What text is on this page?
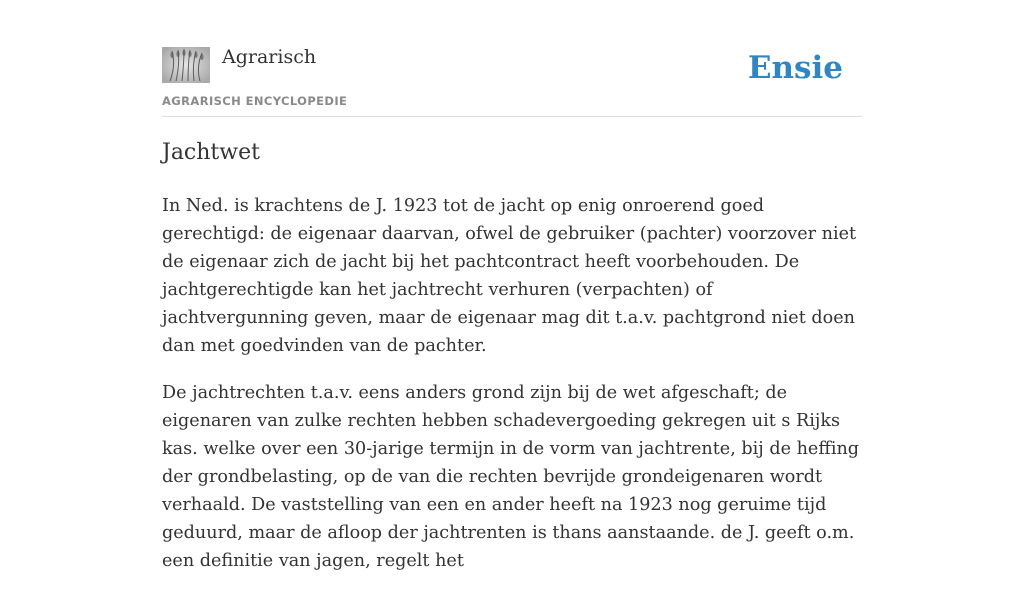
Agrarisch
AGRARISCH ENCYCLOPEDIE
Ensie
Jachtwet

In Ned. is krachtens de J. 1923 tot de jacht op enig onroerend goed gerechtigd: de eigenaar daarvan, ofwel de gebruiker (pachter) voorzover niet de eigenaar zich de jacht bij het pachtcontract heeft voorbehouden. De jachtgerechtigde kan het jachtrecht verhuren (verpachten) of jachtvergunning geven, maar de eigenaar mag dit t.a.v. pachtgrond niet doen dan met goedvinden van de pachter.

De jachtrechten t.a.v. eens anders grond zijn bij de wet afgeschaft; de eigenaren van zulke rechten hebben schadevergoeding gekregen uit s Rijks kas. welke over een 30-jarige termijn in de vorm van jachtrente, bij de heffing der grondbelasting, op de van die rechten bevrijde grondeigenaren wordt verhaald. De vaststelling van een en ander heeft na 1923 nog geruime tijd geduurd, maar de afloop der jachtrenten is thans aanstaande. de J. geeft o.m. een definitie van jagen, regelt het
